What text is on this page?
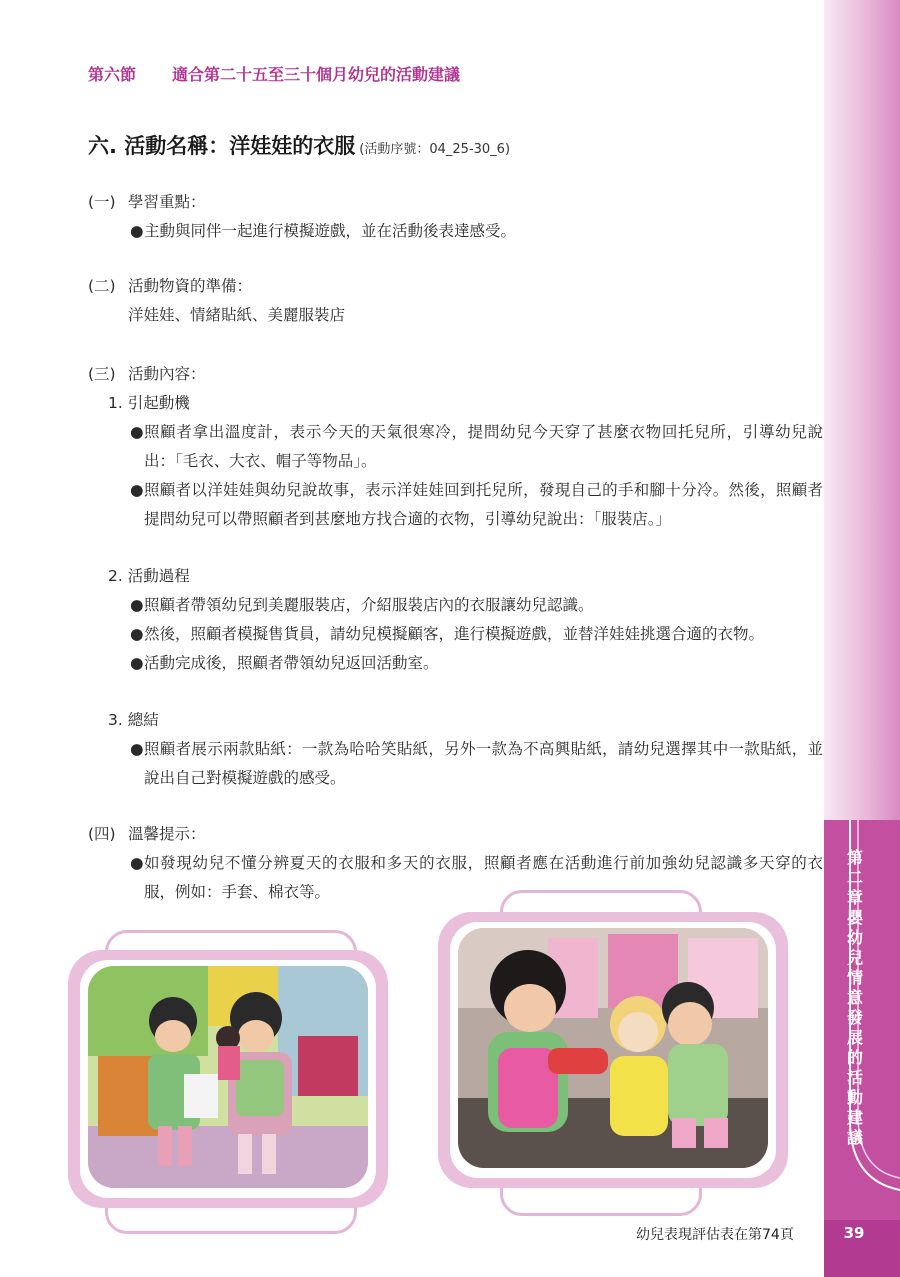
第六節 適合第二十五至三十個月幼兒的活動建議
六. 活動名稱：洋娃娃的衣服 (活動序號：04_25-30_6)
(一) 學習重點：
● 主動與同伴一起進行模擬遊戲，並在活動後表達感受。
(二) 活動物資的準備：
洋娃娃、情緒貼紙、美麗服裝店
(三) 活動內容：
1. 引起動機
● 照顧者拿出溫度計，表示今天的天氣很寒冷，提問幼兒今天穿了甚麼衣物回托兒所，引導幼兒說出：「毛衣、大衣、帽子等物品」。
● 照顧者以洋娃娃與幼兒說故事，表示洋娃娃回到托兒所，發現自己的手和腳十分冷。然後，照顧者提問幼兒可以帶照顧者到甚麼地方找合適的衣物，引導幼兒說出：「服裝店。」
2. 活動過程
● 照顧者帶領幼兒到美麗服裝店，介紹服裝店內的衣服讓幼兒認識。
● 然後，照顧者模擬售貨員，請幼兒模擬顧客，進行模擬遊戲，並替洋娃娃挑選合適的衣物。
● 活動完成後，照顧者帶領幼兒返回活動室。
3. 總結
● 照顧者展示兩款貼紙：一款為哈哈笑貼紙，另外一款為不高興貼紙，請幼兒選擇其中一款貼紙，並說出自己對模擬遊戲的感受。
(四) 溫馨提示：
● 如發現幼兒不懂分辨夏天的衣服和多天的衣服，照顧者應在活動進行前加強幼兒認識多天穿的衣服，例如：手套、棉衣等。
第二章 嬰幼兒情意發展的活動建議
39
幼兒表現評估表在第74頁
